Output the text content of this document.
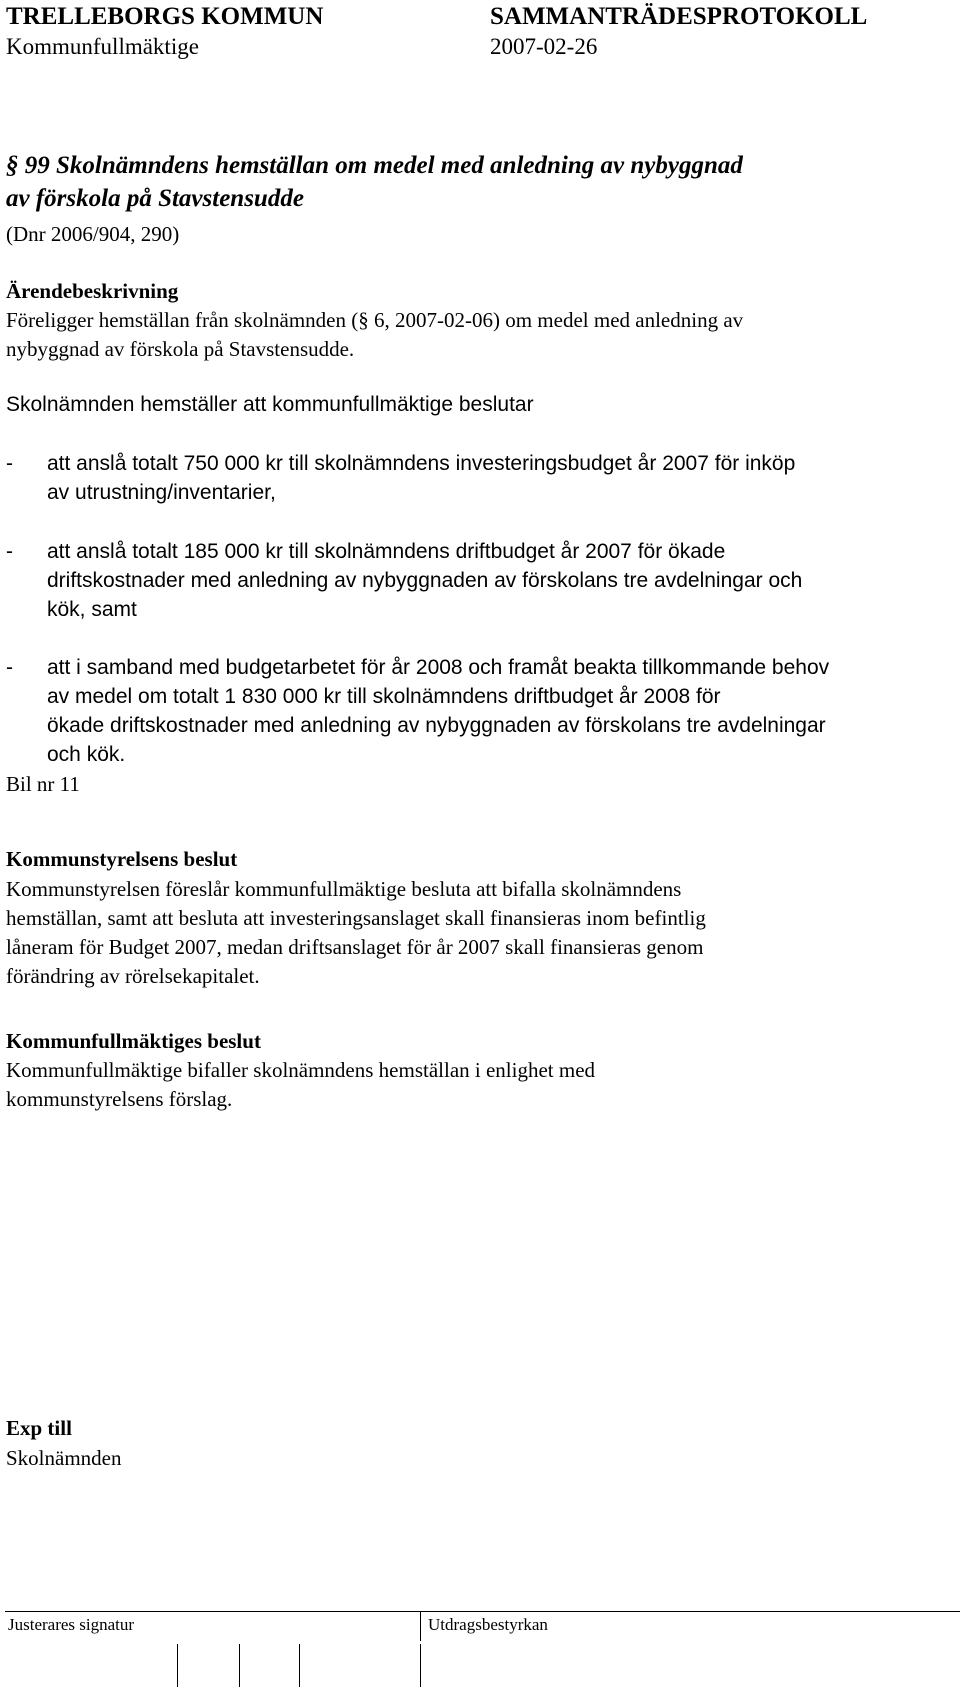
TRELLEBORGS KOMMUN	SAMMANTRÄDESPROTOKOLL
Kommunfullmäktige	2007-02-26
§ 99 Skolnämndens hemställan om medel med anledning av nybyggnad
av förskola på Stavstensudde
(Dnr 2006/904, 290)
Ärendebeskrivning
Föreligger hemställan från skolnämnden (§ 6, 2007-02-06) om medel med anledning av
nybyggnad av förskola på Stavstensudde.
Skolnämnden hemställer att kommunfullmäktige beslutar
- att anslå totalt 750 000 kr till skolnämndens investeringsbudget år 2007 för inköp
av utrustning/inventarier,
- att anslå totalt 185 000 kr till skolnämndens driftbudget år 2007 för ökade
driftskostnader med anledning av nybyggnaden av förskolans tre avdelningar och
kök, samt
- att i samband med budgetarbetet för år 2008 och framåt beakta tillkommande behov
av medel om totalt 1 830 000 kr till skolnämndens driftbudget år 2008 för
ökade driftskostnader med anledning av nybyggnaden av förskolans tre avdelningar
och kök.
Bil nr 11
Kommunstyrelsens beslut
Kommunstyrelsen föreslår kommunfullmäktige besluta att bifalla skolnämndens
hemställan, samt att besluta att investeringsanslaget skall finansieras inom befintlig
låneram för Budget 2007, medan driftsanslaget för år 2007 skall finansieras genom
förändring av rörelsekapitalet.
Kommunfullmäktiges beslut
Kommunfullmäktige bifaller skolnämndens hemställan i enlighet med
kommunstyrelsens förslag.
Exp till
Skolnämnden
Justerares signatur	Utdragsbestyrkan
